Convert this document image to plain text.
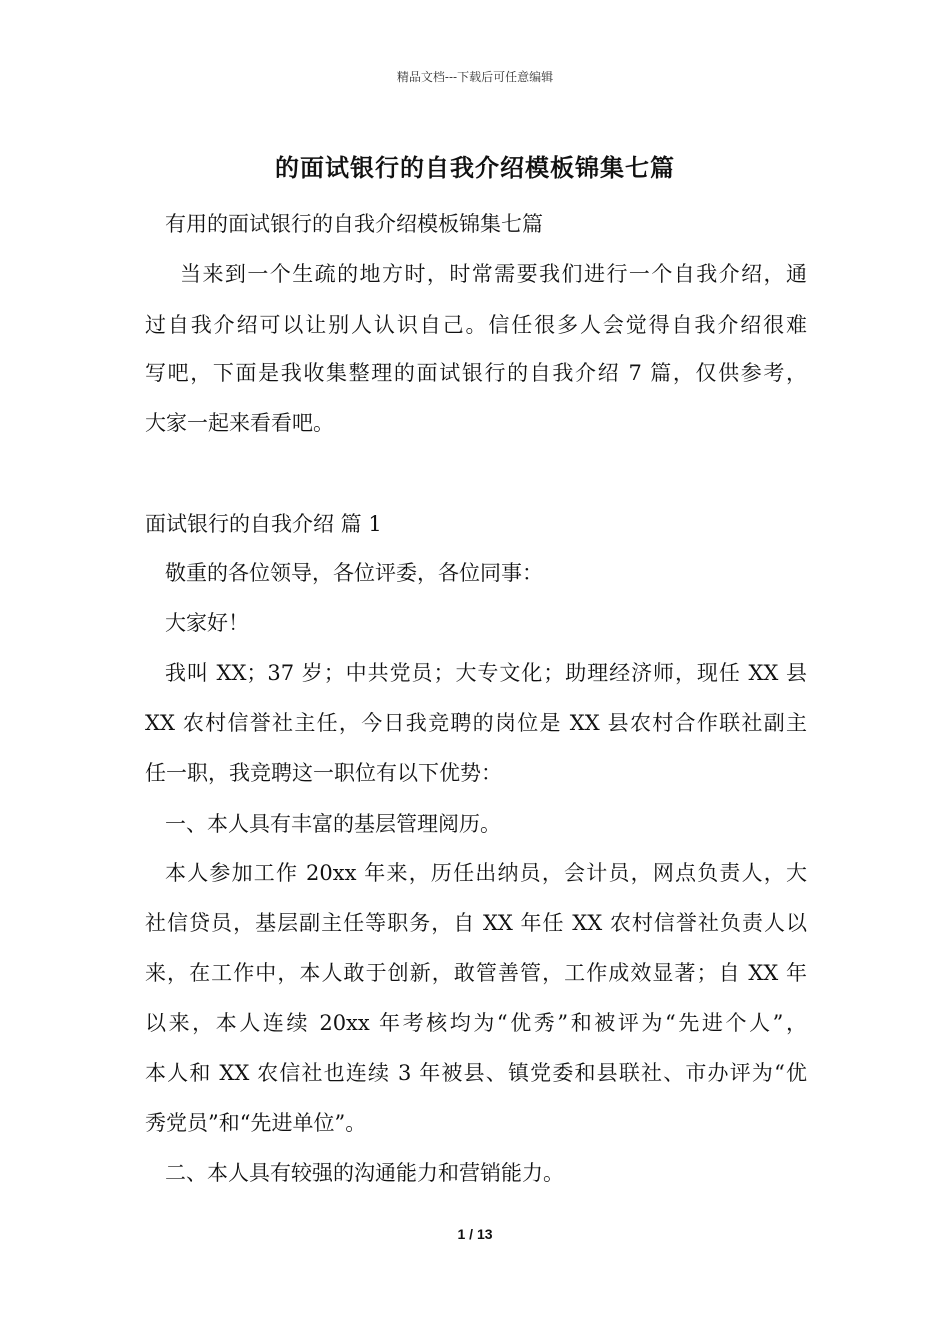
精品文档---下载后可任意编辑
的面试银行的自我介绍模板锦集七篇
有用的面试银行的自我介绍模板锦集七篇
当来到一个生疏的地方时，时常需要我们进行一个自我介绍，通
过自我介绍可以让别人认识自己。信任很多人会觉得自我介绍很难
写吧，下面是我收集整理的面试银行的自我介绍 7 篇，仅供参考，
大家一起来看看吧。
面试银行的自我介绍 篇 1
敬重的各位领导，各位评委，各位同事：
大家好！
我叫 XX；37 岁；中共党员；大专文化；助理经济师，现任 XX 县
XX 农村信誉社主任，今日我竞聘的岗位是 XX 县农村合作联社副主
任一职，我竞聘这一职位有以下优势：
一、本人具有丰富的基层管理阅历。
本人参加工作 20xx 年来，历任出纳员，会计员，网点负责人，大
社信贷员，基层副主任等职务，自 XX 年任 XX 农村信誉社负责人以
来，在工作中，本人敢于创新，敢管善管，工作成效显著；自 XX 年
以来，本人连续 20xx 年考核均为“优秀”和被评为“先进个人”，
本人和 XX 农信社也连续 3 年被县、镇党委和县联社、市办评为“优
秀党员”和“先进单位”。
二、本人具有较强的沟通能力和营销能力。
1 / 13
